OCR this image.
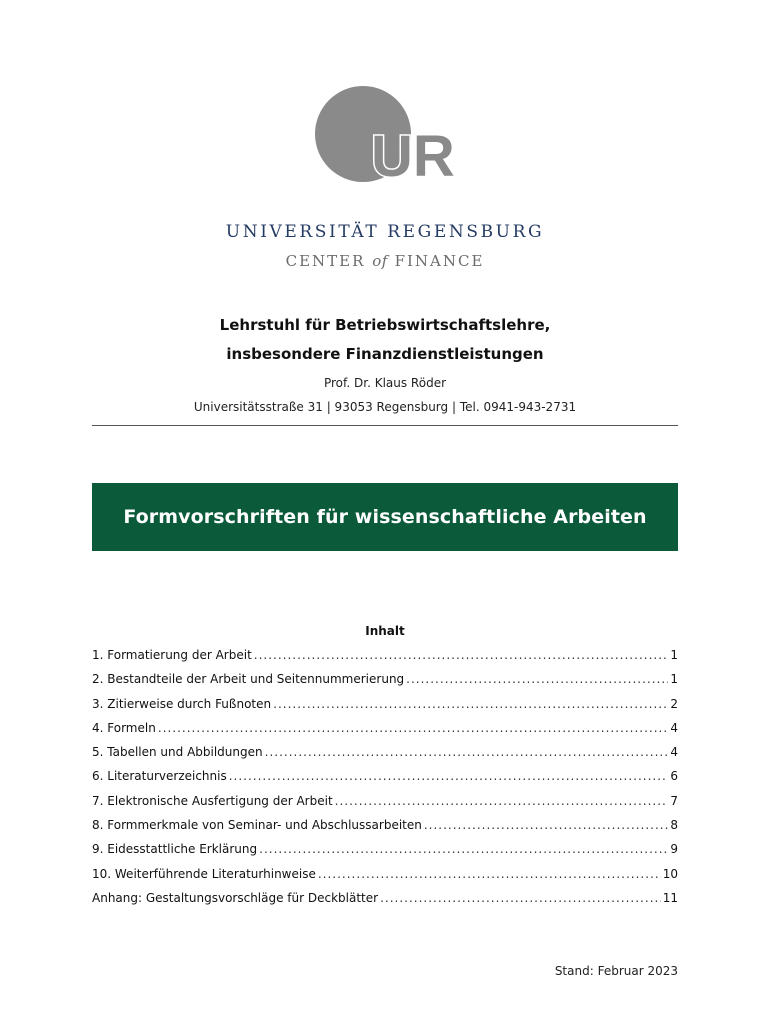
UR
UNIVERSITÄT REGENSBURG
CENTER of FINANCE
Lehrstuhl für Betriebswirtschaftslehre,
insbesondere Finanzdienstleistungen
Prof. Dr. Klaus Röder
Universitätsstraße 31 | 93053 Regensburg | Tel. 0941-943-2731
Formvorschriften für wissenschaftliche Arbeiten
Inhalt
1. Formatierung der Arbeit .....	1
2. Bestandteile der Arbeit und Seitennummerierung .....	1
3. Zitierweise durch Fußnoten .....	2
4. Formeln .....	4
5. Tabellen und Abbildungen .....	4
6. Literaturverzeichnis .....	6
7. Elektronische Ausfertigung der Arbeit .....	7
8. Formmerkmale von Seminar- und Abschlussarbeiten .....	8
9. Eidesstattliche Erklärung .....	9
10. Weiterführende Literaturhinweise .....	10
Anhang: Gestaltungsvorschläge für Deckblätter .....	11
Stand: Februar 2023
